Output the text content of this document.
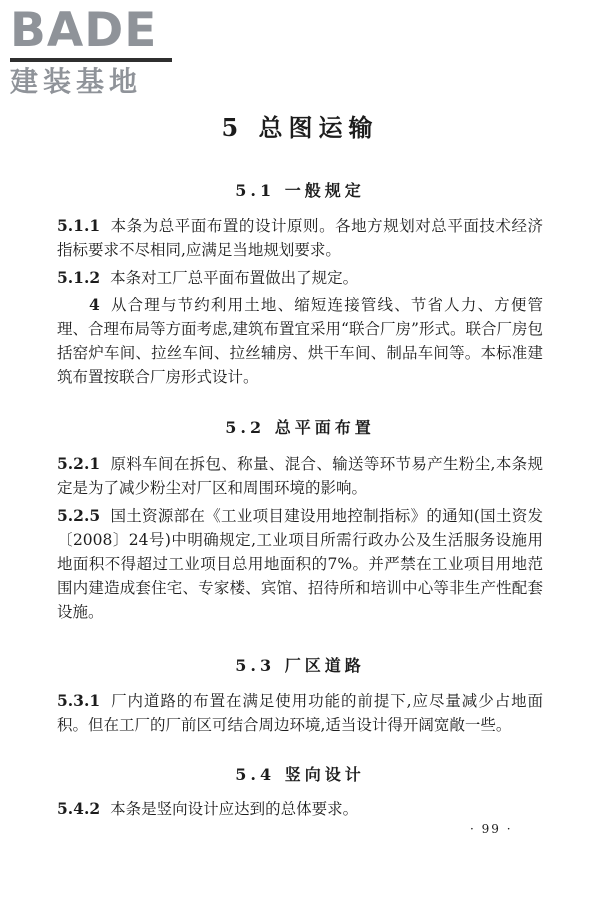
BADE
建装基地
5 总图运输
5.1 一般规定
5.1.1 本条为总平面布置的设计原则。各地方规划对总平面技术经济指标要求不尽相同,应满足当地规划要求。
5.1.2 本条对工厂总平面布置做出了规定。
4 从合理与节约利用土地、缩短连接管线、节省人力、方便管理、合理布局等方面考虑,建筑布置宜采用“联合厂房”形式。联合厂房包括窑炉车间、拉丝车间、拉丝辅房、烘干车间、制品车间等。本标准建筑布置按联合厂房形式设计。
5.2 总平面布置
5.2.1 原料车间在拆包、称量、混合、输送等环节易产生粉尘,本条规定是为了减少粉尘对厂区和周围环境的影响。
5.2.5 国土资源部在《工业项目建设用地控制指标》的通知(国土资发〔2008〕24号)中明确规定,工业项目所需行政办公及生活服务设施用地面积不得超过工业项目总用地面积的7%。并严禁在工业项目用地范围内建造成套住宅、专家楼、宾馆、招待所和培训中心等非生产性配套设施。
5.3 厂区道路
5.3.1 厂内道路的布置在满足使用功能的前提下,应尽量减少占地面积。但在工厂的厂前区可结合周边环境,适当设计得开阔宽敞一些。
5.4 竖向设计
5.4.2 本条是竖向设计应达到的总体要求。
· 99 ·
